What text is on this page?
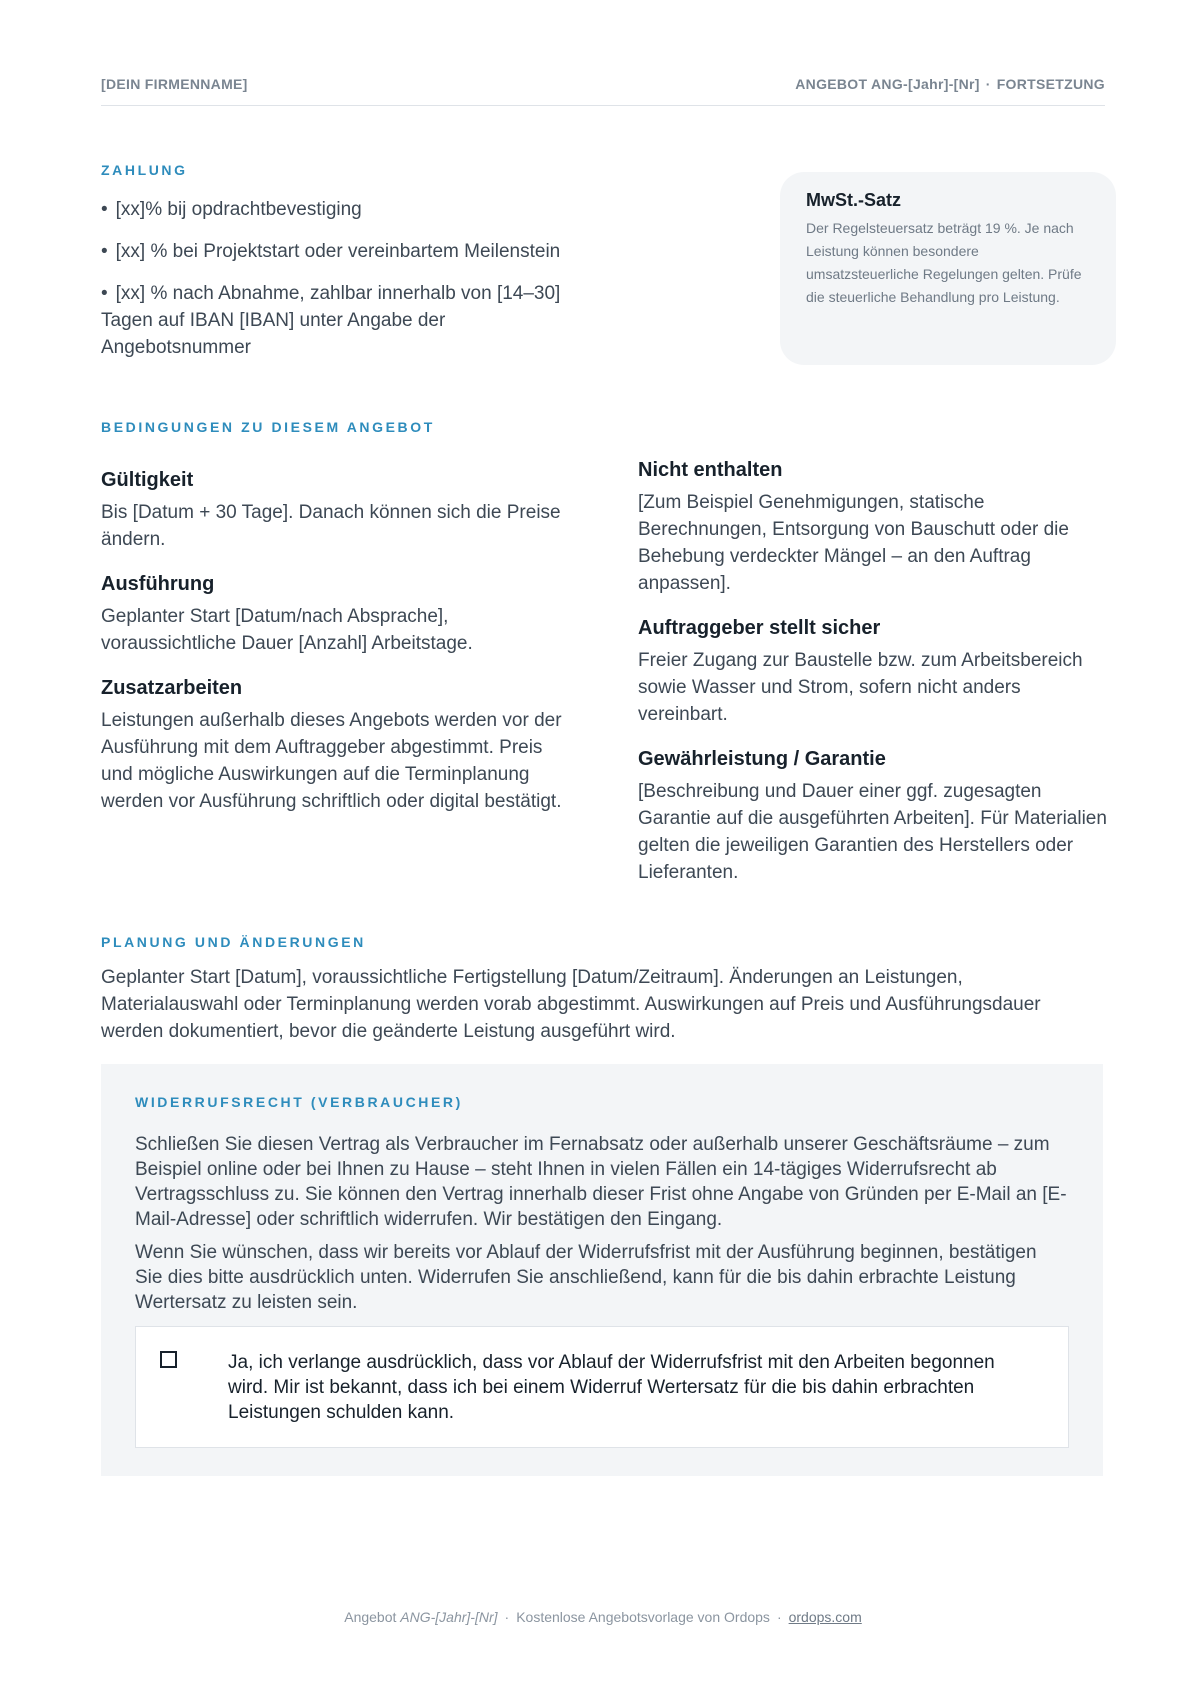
[DEIN FIRMENNAME]	ANGEBOT ANG-[Jahr]-[Nr] · FORTSETZUNG
ZAHLUNG
• [xx]% bij opdrachtbevestiging
• [xx] % bei Projektstart oder vereinbartem Meilenstein
• [xx] % nach Abnahme, zahlbar innerhalb von [14–30] Tagen auf IBAN [IBAN] unter Angabe der Angebotsnummer
MwSt.-Satz
Der Regelsteuersatz beträgt 19 %. Je nach Leistung können besondere umsatzsteuerliche Regelungen gelten. Prüfe die steuerliche Behandlung pro Leistung.
BEDINGUNGEN ZU DIESEM ANGEBOT
Gültigkeit
Bis [Datum + 30 Tage]. Danach können sich die Preise ändern.
Ausführung
Geplanter Start [Datum/nach Absprache], voraussichtliche Dauer [Anzahl] Arbeitstage.
Zusatzarbeiten
Leistungen außerhalb dieses Angebots werden vor der Ausführung mit dem Auftraggeber abgestimmt. Preis und mögliche Auswirkungen auf die Terminplanung werden vor Ausführung schriftlich oder digital bestätigt.
Nicht enthalten
[Zum Beispiel Genehmigungen, statische Berechnungen, Entsorgung von Bauschutt oder die Behebung verdeckter Mängel – an den Auftrag anpassen].
Auftraggeber stellt sicher
Freier Zugang zur Baustelle bzw. zum Arbeitsbereich sowie Wasser und Strom, sofern nicht anders vereinbart.
Gewährleistung / Garantie
[Beschreibung und Dauer einer ggf. zugesagten Garantie auf die ausgeführten Arbeiten]. Für Materialien gelten die jeweiligen Garantien des Herstellers oder Lieferanten.
PLANUNG UND ÄNDERUNGEN
Geplanter Start [Datum], voraussichtliche Fertigstellung [Datum/Zeitraum]. Änderungen an Leistungen, Materialauswahl oder Terminplanung werden vorab abgestimmt. Auswirkungen auf Preis und Ausführungsdauer werden dokumentiert, bevor die geänderte Leistung ausgeführt wird.
WIDERRUFSRECHT (VERBRAUCHER)
Schließen Sie diesen Vertrag als Verbraucher im Fernabsatz oder außerhalb unserer Geschäftsräume – zum Beispiel online oder bei Ihnen zu Hause – steht Ihnen in vielen Fällen ein 14-tägiges Widerrufsrecht ab Vertragsschluss zu. Sie können den Vertrag innerhalb dieser Frist ohne Angabe von Gründen per E-Mail an [E-Mail-Adresse] oder schriftlich widerrufen. Wir bestätigen den Eingang.
Wenn Sie wünschen, dass wir bereits vor Ablauf der Widerrufsfrist mit der Ausführung beginnen, bestätigen Sie dies bitte ausdrücklich unten. Widerrufen Sie anschließend, kann für die bis dahin erbrachte Leistung Wertersatz zu leisten sein.
Ja, ich verlange ausdrücklich, dass vor Ablauf der Widerrufsfrist mit den Arbeiten begonnen wird. Mir ist bekannt, dass ich bei einem Widerruf Wertersatz für die bis dahin erbrachten Leistungen schulden kann.
Angebot ANG-[Jahr]-[Nr] · Kostenlose Angebotsvorlage von Ordops · ordops.com
